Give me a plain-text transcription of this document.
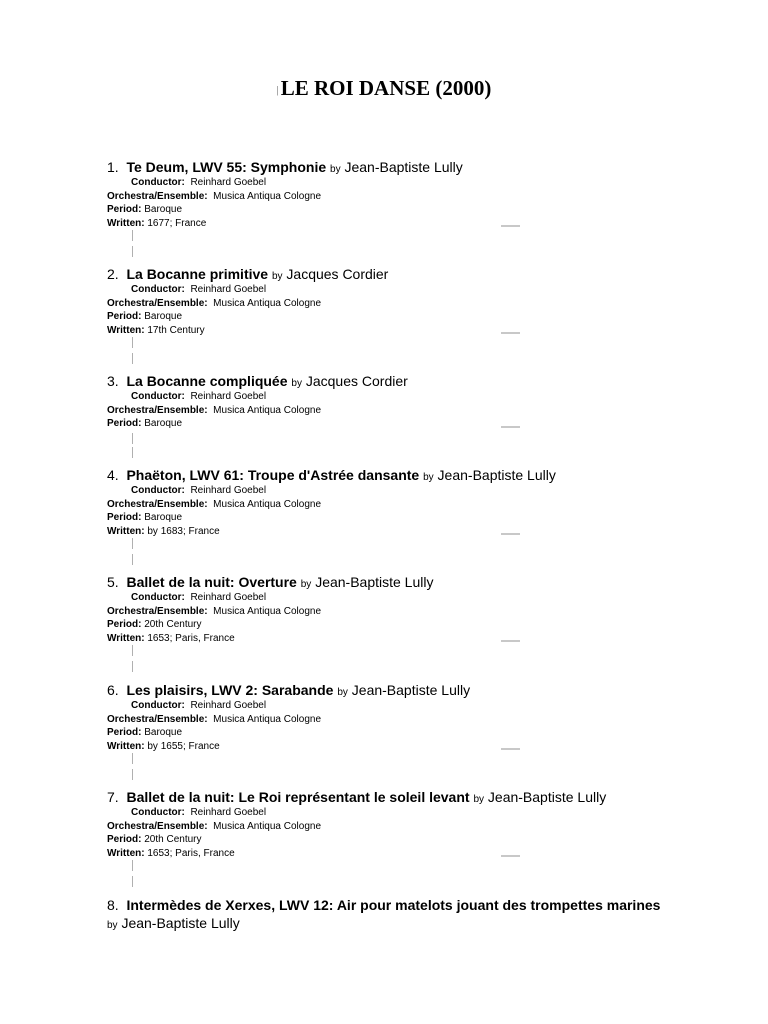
|LE ROI DANSE (2000)
1. Te Deum, LWV 55: Symphonie by Jean-Baptiste Lully
Conductor: Reinhard Goebel
Orchestra/Ensemble: Musica Antiqua Cologne
Period: Baroque
Written: 1677; France
2. La Bocanne primitive by Jacques Cordier
Conductor: Reinhard Goebel
Orchestra/Ensemble: Musica Antiqua Cologne
Period: Baroque
Written: 17th Century
3. La Bocanne compliquée by Jacques Cordier
Conductor: Reinhard Goebel
Orchestra/Ensemble: Musica Antiqua Cologne
Period: Baroque
4. Phaëton, LWV 61: Troupe d'Astrée dansante by Jean-Baptiste Lully
Conductor: Reinhard Goebel
Orchestra/Ensemble: Musica Antiqua Cologne
Period: Baroque
Written: by 1683; France
5. Ballet de la nuit: Overture by Jean-Baptiste Lully
Conductor: Reinhard Goebel
Orchestra/Ensemble: Musica Antiqua Cologne
Period: 20th Century
Written: 1653; Paris, France
6. Les plaisirs, LWV 2: Sarabande by Jean-Baptiste Lully
Conductor: Reinhard Goebel
Orchestra/Ensemble: Musica Antiqua Cologne
Period: Baroque
Written: by 1655; France
7. Ballet de la nuit: Le Roi représentant le soleil levant by Jean-Baptiste Lully
Conductor: Reinhard Goebel
Orchestra/Ensemble: Musica Antiqua Cologne
Period: 20th Century
Written: 1653; Paris, France
8. Intermèdes de Xerxes, LWV 12: Air pour matelots jouant des trompettes marines by Jean-Baptiste Lully
